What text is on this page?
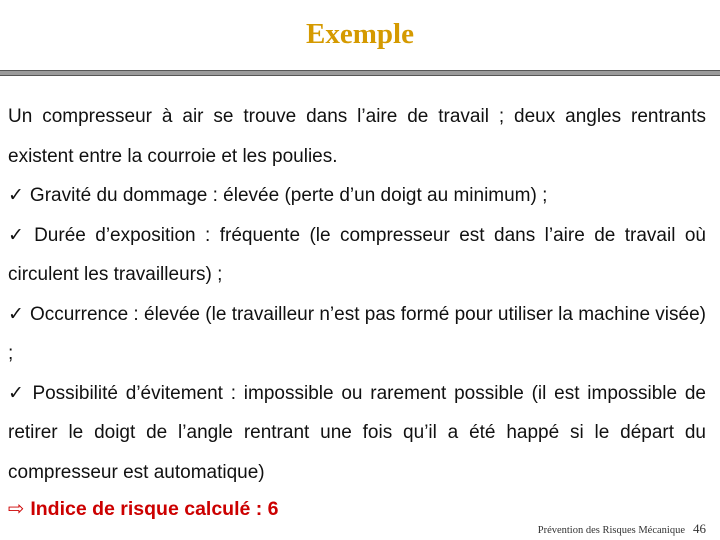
Exemple

Un compresseur à air se trouve dans l’aire de travail ; deux angles rentrants existent entre la courroie et les poulies.

✓ Gravité du dommage : élevée (perte d’un doigt au minimum) ;

✓ Durée d’exposition : fréquente (le compresseur est dans l’aire de travail où circulent les travailleurs) ;

✓ Occurrence : élevée (le travailleur n’est pas formé pour utiliser la machine visée) ;

✓ Possibilité d’évitement : impossible ou rarement possible (il est impossible de retirer le doigt de l’angle rentrant une fois qu’il a été happé si le départ du compresseur est automatique)

⇨ Indice de risque calculé : 6
Prévention des Risques Mécanique 46
